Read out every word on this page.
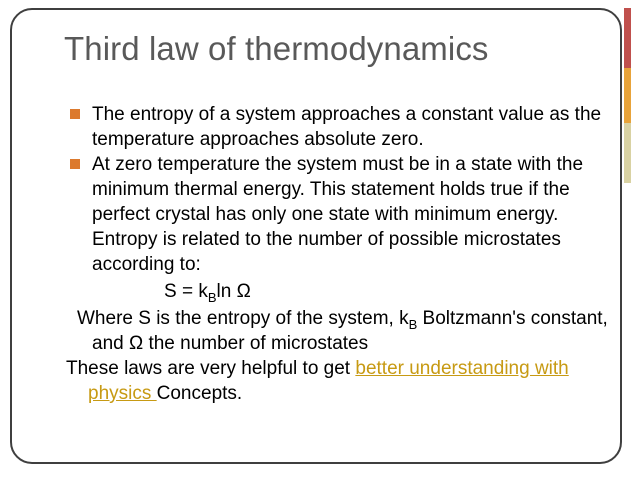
Third law of thermodynamics
The entropy of a system approaches a constant value as the temperature approaches absolute zero.
At zero temperature the system must be in a state with the minimum thermal energy. This statement holds true if the perfect crystal has only one state with minimum energy. Entropy is related to the number of possible microstates according to:
$S = k_B\ln$ Ω
Where S is the entropy of the system, $k_B$ Boltzmann's constant, and Ω the number of microstates
These laws are very helpful to get better understanding with physics Concepts.
